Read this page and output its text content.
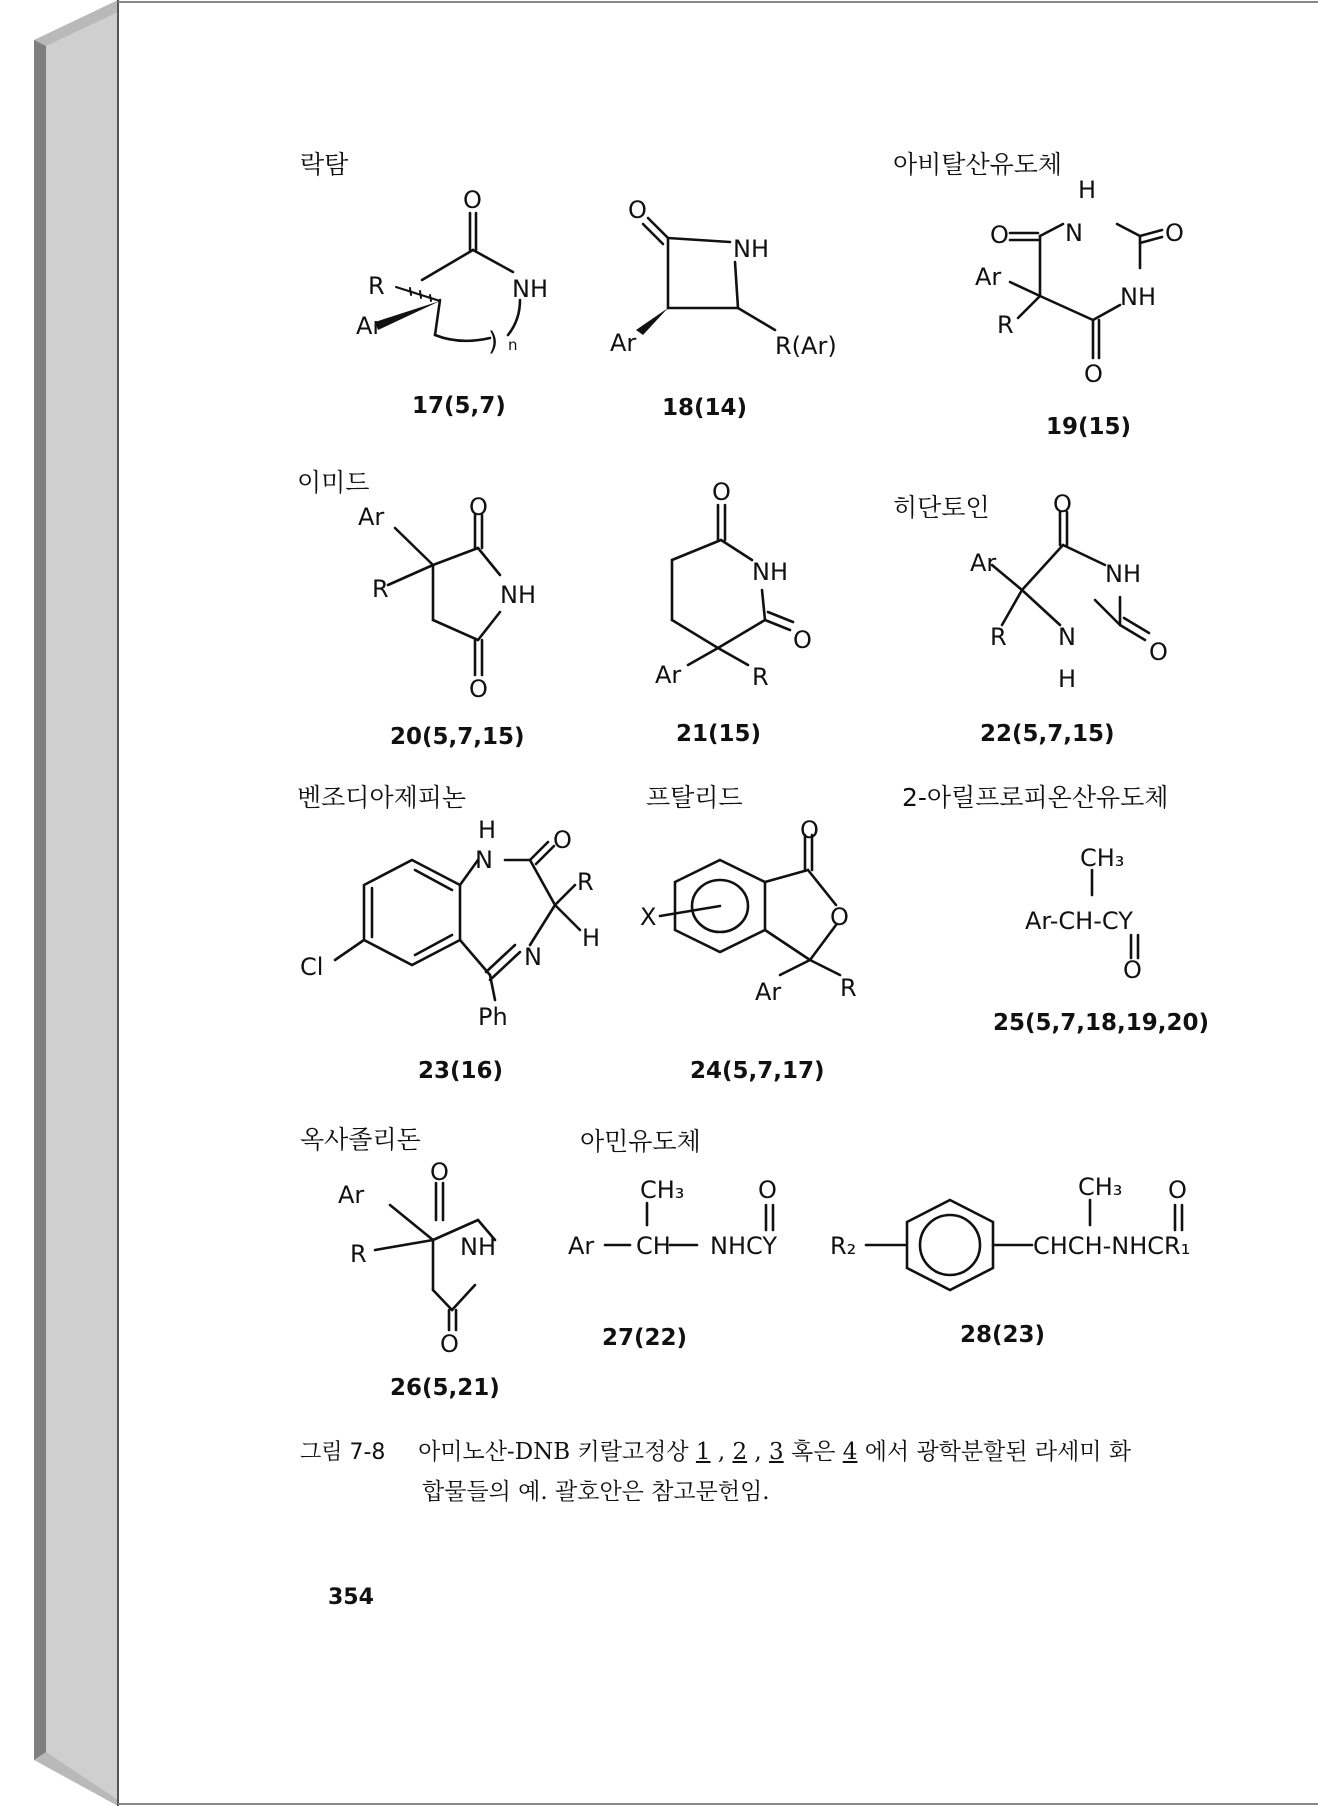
락탐	아비탈산유도체
이미드
히단토인
벤조디아제피논	프탈리드	2-아릴프로피온산유도체
옥사졸리돈	아민유도체
17(5,7)	18(14)
19(15)
20(5,7,15)	21(15)	22(5,7,15)
23(16)	24(5,7,17)
25(5,7,18,19,20)
26(5,21)
27(22)	28(23)
O
NH
R
Ar
) n
O
NH
Ar	R(Ar)
H
N
O	O
Ar
NH
R
O
Ar	O
R	NH
O
O
NH
O
Ar	R
O
Ar	NH
R N
O
H
H
N
O
R
H
N
Cl
Ph
O
O
X
Ar R
CH₃
Ar-CH-CY
O
Ar
O
R	NH
O
CH₃	O
Ar CH NHCY
CH₃ O
R₂	CHCH-NHCR₁
그림 7-8 아미노산-DNB 키랄고정상 1 , 2 , 3 혹은 4 에서 광학분할된 라세미 화
합물들의 예. 괄호안은 참고문헌임.
354
